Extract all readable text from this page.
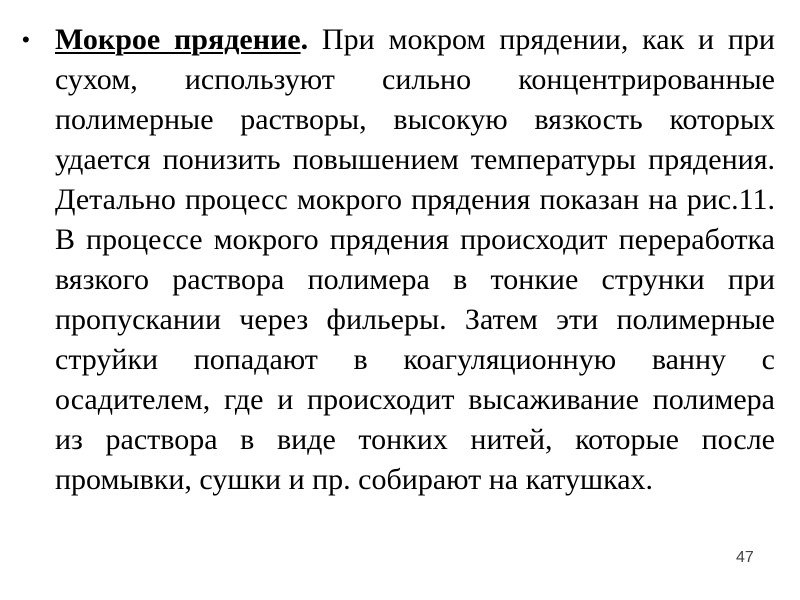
• Мокрое прядение. При мокром прядении, как и при сухом, используют сильно концентрированные полимерные растворы, высокую вязкость которых удается понизить повышением температуры прядения. Детально процесс мокрого прядения показан на рис.11. В процессе мокрого прядения происходит переработка вязкого раствора полимера в тонкие струнки при пропускании через фильеры. Затем эти полимерные струйки попадают в коагуляционную ванну с осадителем, где и происходит высаживание полимера из раствора в виде тонких нитей, которые после промывки, сушки и пр. собирают на катушках.

47
